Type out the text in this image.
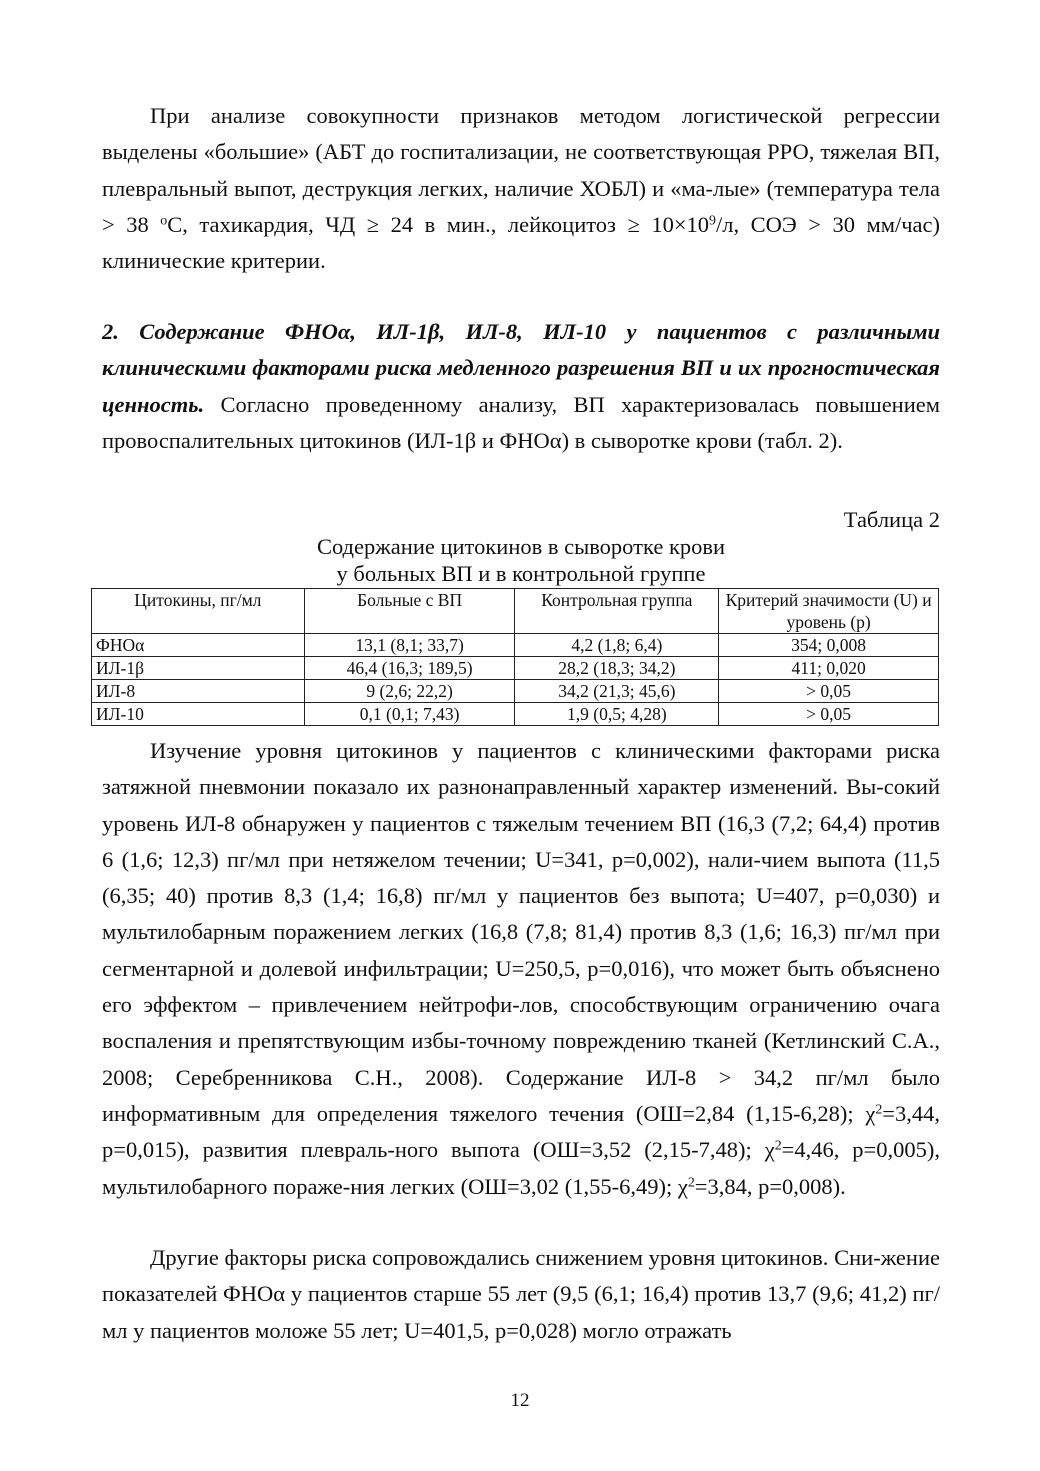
При анализе совокупности признаков методом логистической регрессии выделены «большие» (АБТ до госпитализации, не соответствующая РРО, тяжелая ВП, плевральный выпот, деструкция легких, наличие ХОБЛ) и «ма-лые» (температура тела > 38 $^o$С, тахикардия, ЧД ≥ 24 в мин., лейкоцитоз ≥ $10\times 10^9/л$, СОЭ > 30 мм/час) клинические критерии.

2. Содержание ФНОα, ИЛ-1β, ИЛ-8, ИЛ-10 у пациентов с различными клиническими факторами риска медленного разрешения ВП и их прогностическая ценность. Согласно проведенному анализу, ВП характеризовалась повышением провоспалительных цитокинов (ИЛ-1β и ФНОα) в сыворотке крови (табл. 2).

Таблица 2

Содержание цитокинов в сыворотке крови
у больных ВП и в контрольной группе
Цитокины, пг/мл	Больные с ВП	Контрольная группа	Критерий значимости (U) и уровень (р)
ФНОα	13,1 (8,1; 33,7)	4,2 (1,8; 6,4)	354; 0,008
ИЛ-1β	46,4 (16,3; 189,5)	28,2 (18,3; 34,2)	411; 0,020
ИЛ-8	9 (2,6; 22,2)	34,2 (21,3; 45,6)	> 0,05
ИЛ-10	0,1 (0,1; 7,43)	1,9 (0,5; 4,28)	> 0,05

Изучение уровня цитокинов у пациентов с клиническими факторами риска затяжной пневмонии показало их разнонаправленный характер изменений. Вы-сокий уровень ИЛ-8 обнаружен у пациентов с тяжелым течением ВП (16,3 (7,2; 64,4) против 6 (1,6; 12,3) пг/мл при нетяжелом течении; U=341, p=0,002), нали-чием выпота (11,5 (6,35; 40) против 8,3 (1,4; 16,8) пг/мл у пациентов без выпота; U=407, p=0,030) и мультилобарным поражением легких (16,8 (7,8; 81,4) против 8,3 (1,6; 16,3) пг/мл при сегментарной и долевой инфильтрации; U=250,5, p=0,016), что может быть объяснено его эффектом – привлечением нейтрофи-лов, способствующим ограничению очага воспаления и препятствующим избы-точному повреждению тканей (Кетлинский С.А., 2008; Серебренникова С.Н., 2008). Содержание ИЛ-8 > 34,2 пг/мл было информативным для определения тяжелого течения (ОШ=2,84 (1,15-6,28); $\chi^2=3,44$, p=0,015), развития плевраль-ного выпота (ОШ=3,52 (2,15-7,48); $\chi^2=4,46$, p=0,005), мультилобарного пораже-ния легких (ОШ=3,02 (1,55-6,49); $\chi^2=3,84$, p=0,008).

Другие факторы риска сопровождались снижением уровня цитокинов. Сни-жение показателей ФНОα у пациентов старше 55 лет (9,5 (6,1; 16,4) против 13,7 (9,6; 41,2) пг/мл у пациентов моложе 55 лет; U=401,5, p=0,028) могло отражать

12
